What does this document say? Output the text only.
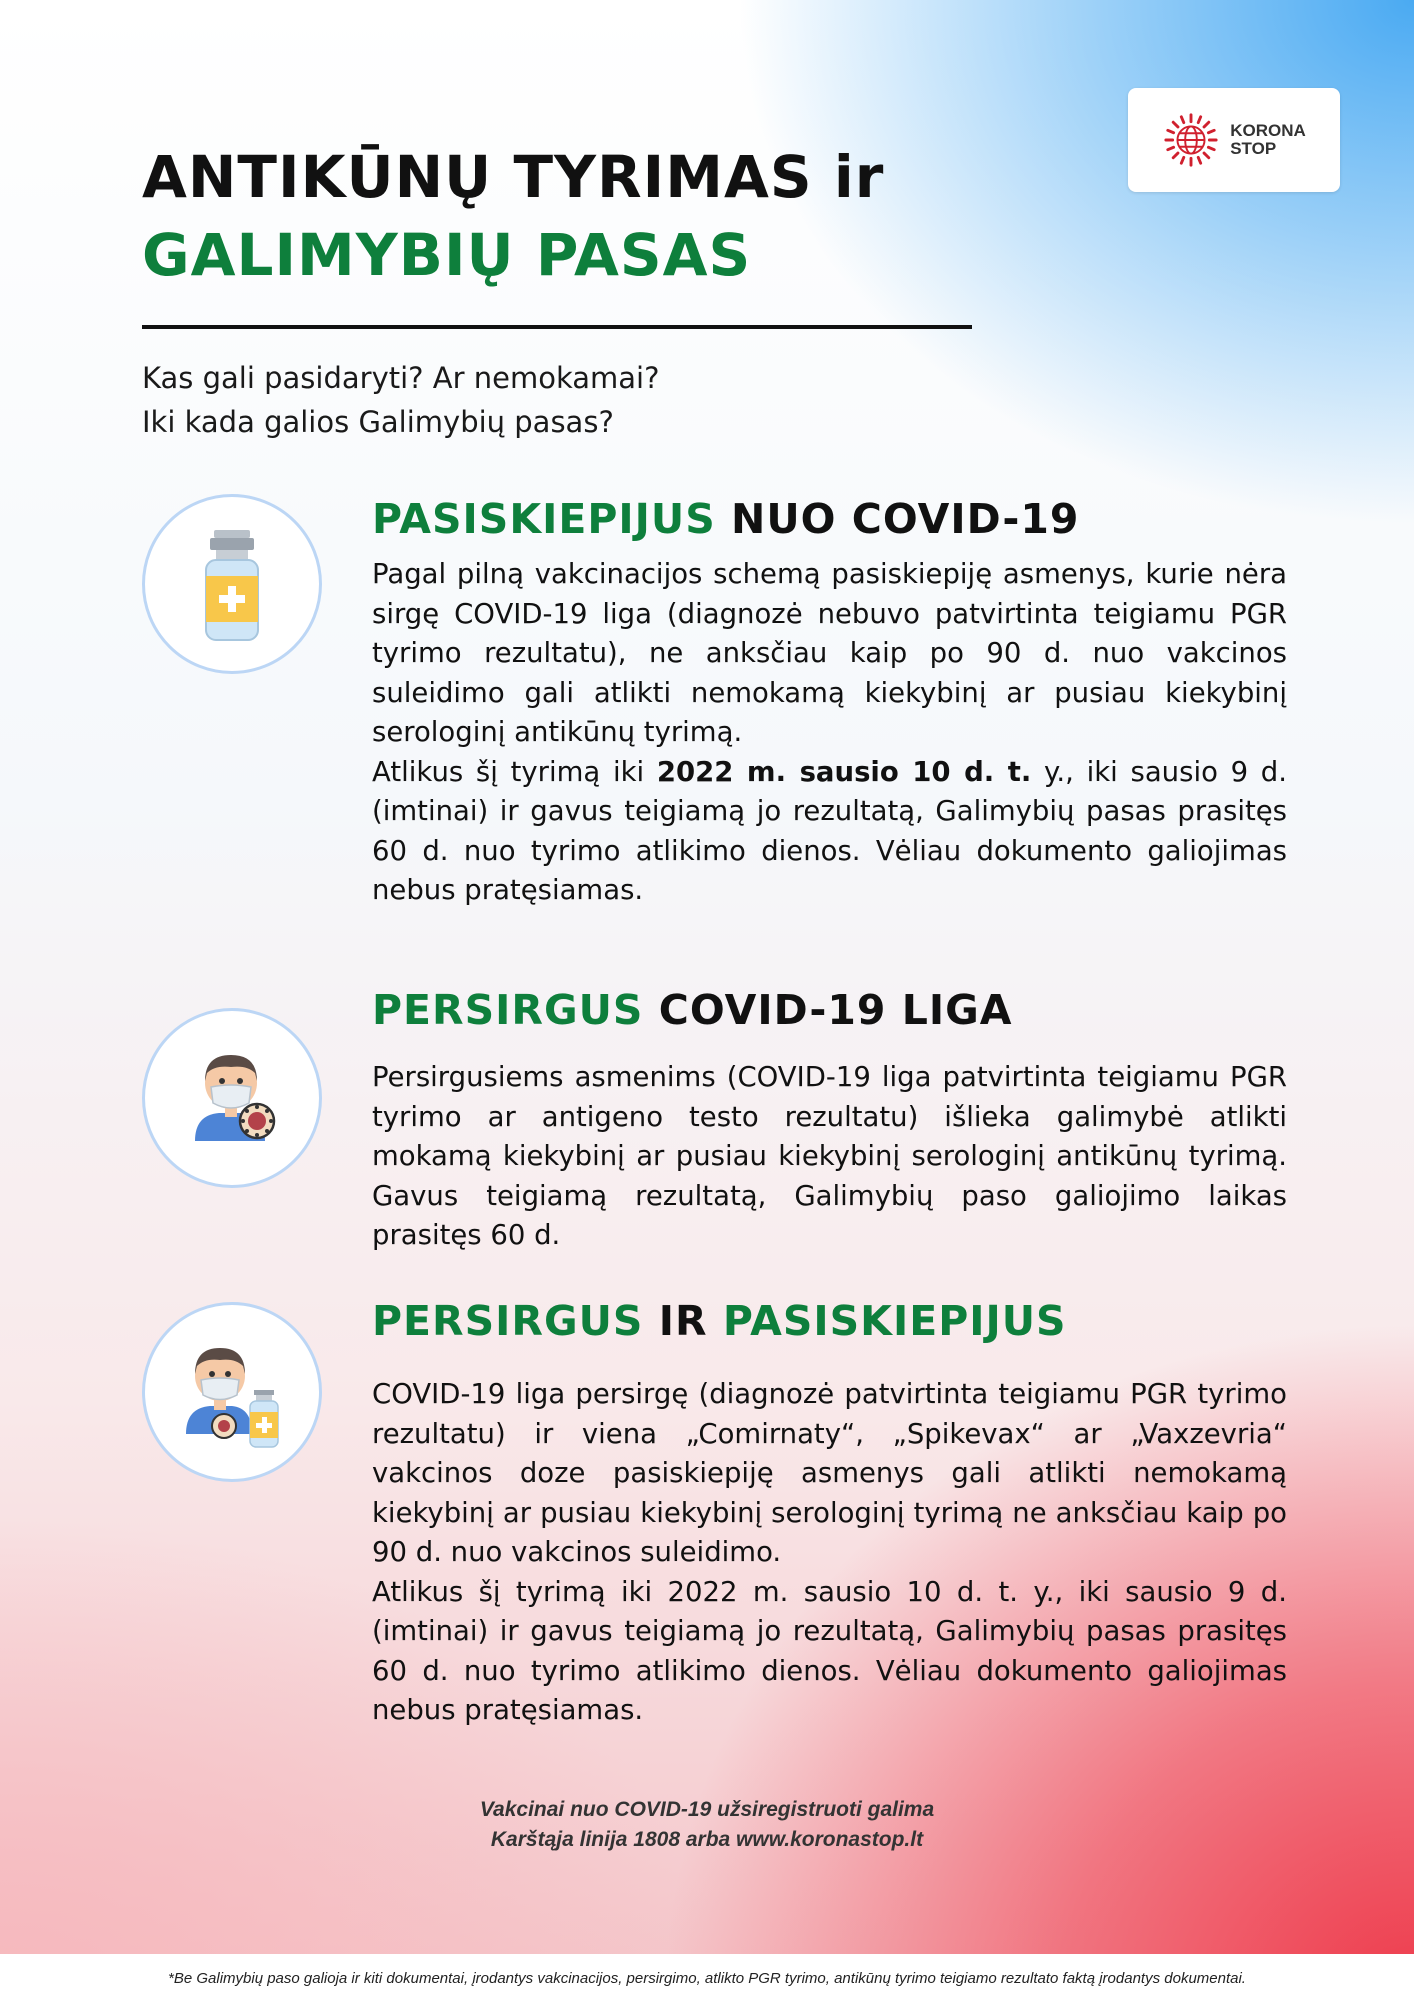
KORONA
STOP
ANTIKŪNŲ TYRIMAS ir
GALIMYBIŲ PASAS
Kas gali pasidaryti? Ar nemokamai?
Iki kada galios Galimybių pasas?
PASISKIEPIJUS NUO COVID-19

Pagal pilną vakcinacijos schemą pasiskiepiję asmenys, kurie nėra sirgę COVID-19 liga (diagnozė nebuvo patvirtinta teigiamu PGR tyrimo rezultatu), ne anksčiau kaip po 90 d. nuo vakcinos suleidimo gali atlikti nemokamą kiekybinį ar pusiau kiekybinį serologinį antikūnų tyrimą.

Atlikus šį tyrimą iki 2022 m. sausio 10 d. t. y., iki sausio 9 d. (imtinai) ir gavus teigiamą jo rezultatą, Galimybių pasas prasitęs 60 d. nuo tyrimo atlikimo dienos. Vėliau dokumento galiojimas nebus pratęsiamas.

PERSIRGUS COVID-19 LIGA

Persirgusiems asmenims (COVID-19 liga patvirtinta teigiamu PGR tyrimo ar antigeno testo rezultatu) išlieka galimybė atlikti mokamą kiekybinį ar pusiau kiekybinį serologinį antikūnų tyrimą. Gavus teigiamą rezultatą, Galimybių paso galiojimo laikas prasitęs 60 d.

PERSIRGUS IR PASISKIEPIJUS

COVID-19 liga persirgę (diagnozė patvirtinta teigiamu PGR tyrimo rezultatu) ir viena „Comirnaty“, „Spikevax“ ar „Vaxzevria“ vakcinos doze pasiskiepiję asmenys gali atlikti nemokamą kiekybinį ar pusiau kiekybinį serologinį tyrimą ne anksčiau kaip po 90 d. nuo vakcinos suleidimo.

Atlikus šį tyrimą iki 2022 m. sausio 10 d. t. y., iki sausio 9 d. (imtinai) ir gavus teigiamą jo rezultatą, Galimybių pasas prasitęs 60 d. nuo tyrimo atlikimo dienos. Vėliau dokumento galiojimas nebus pratęsiamas.

Vakcinai nuo COVID-19 užsiregistruoti galima
Karštąja linija 1808 arba www.koronastop.lt
*Be Galimybių paso galioja ir kiti dokumentai, įrodantys vakcinacijos, persirgimo, atlikto PGR tyrimo, antikūnų tyrimo teigiamo rezultato faktą įrodantys dokumentai.
